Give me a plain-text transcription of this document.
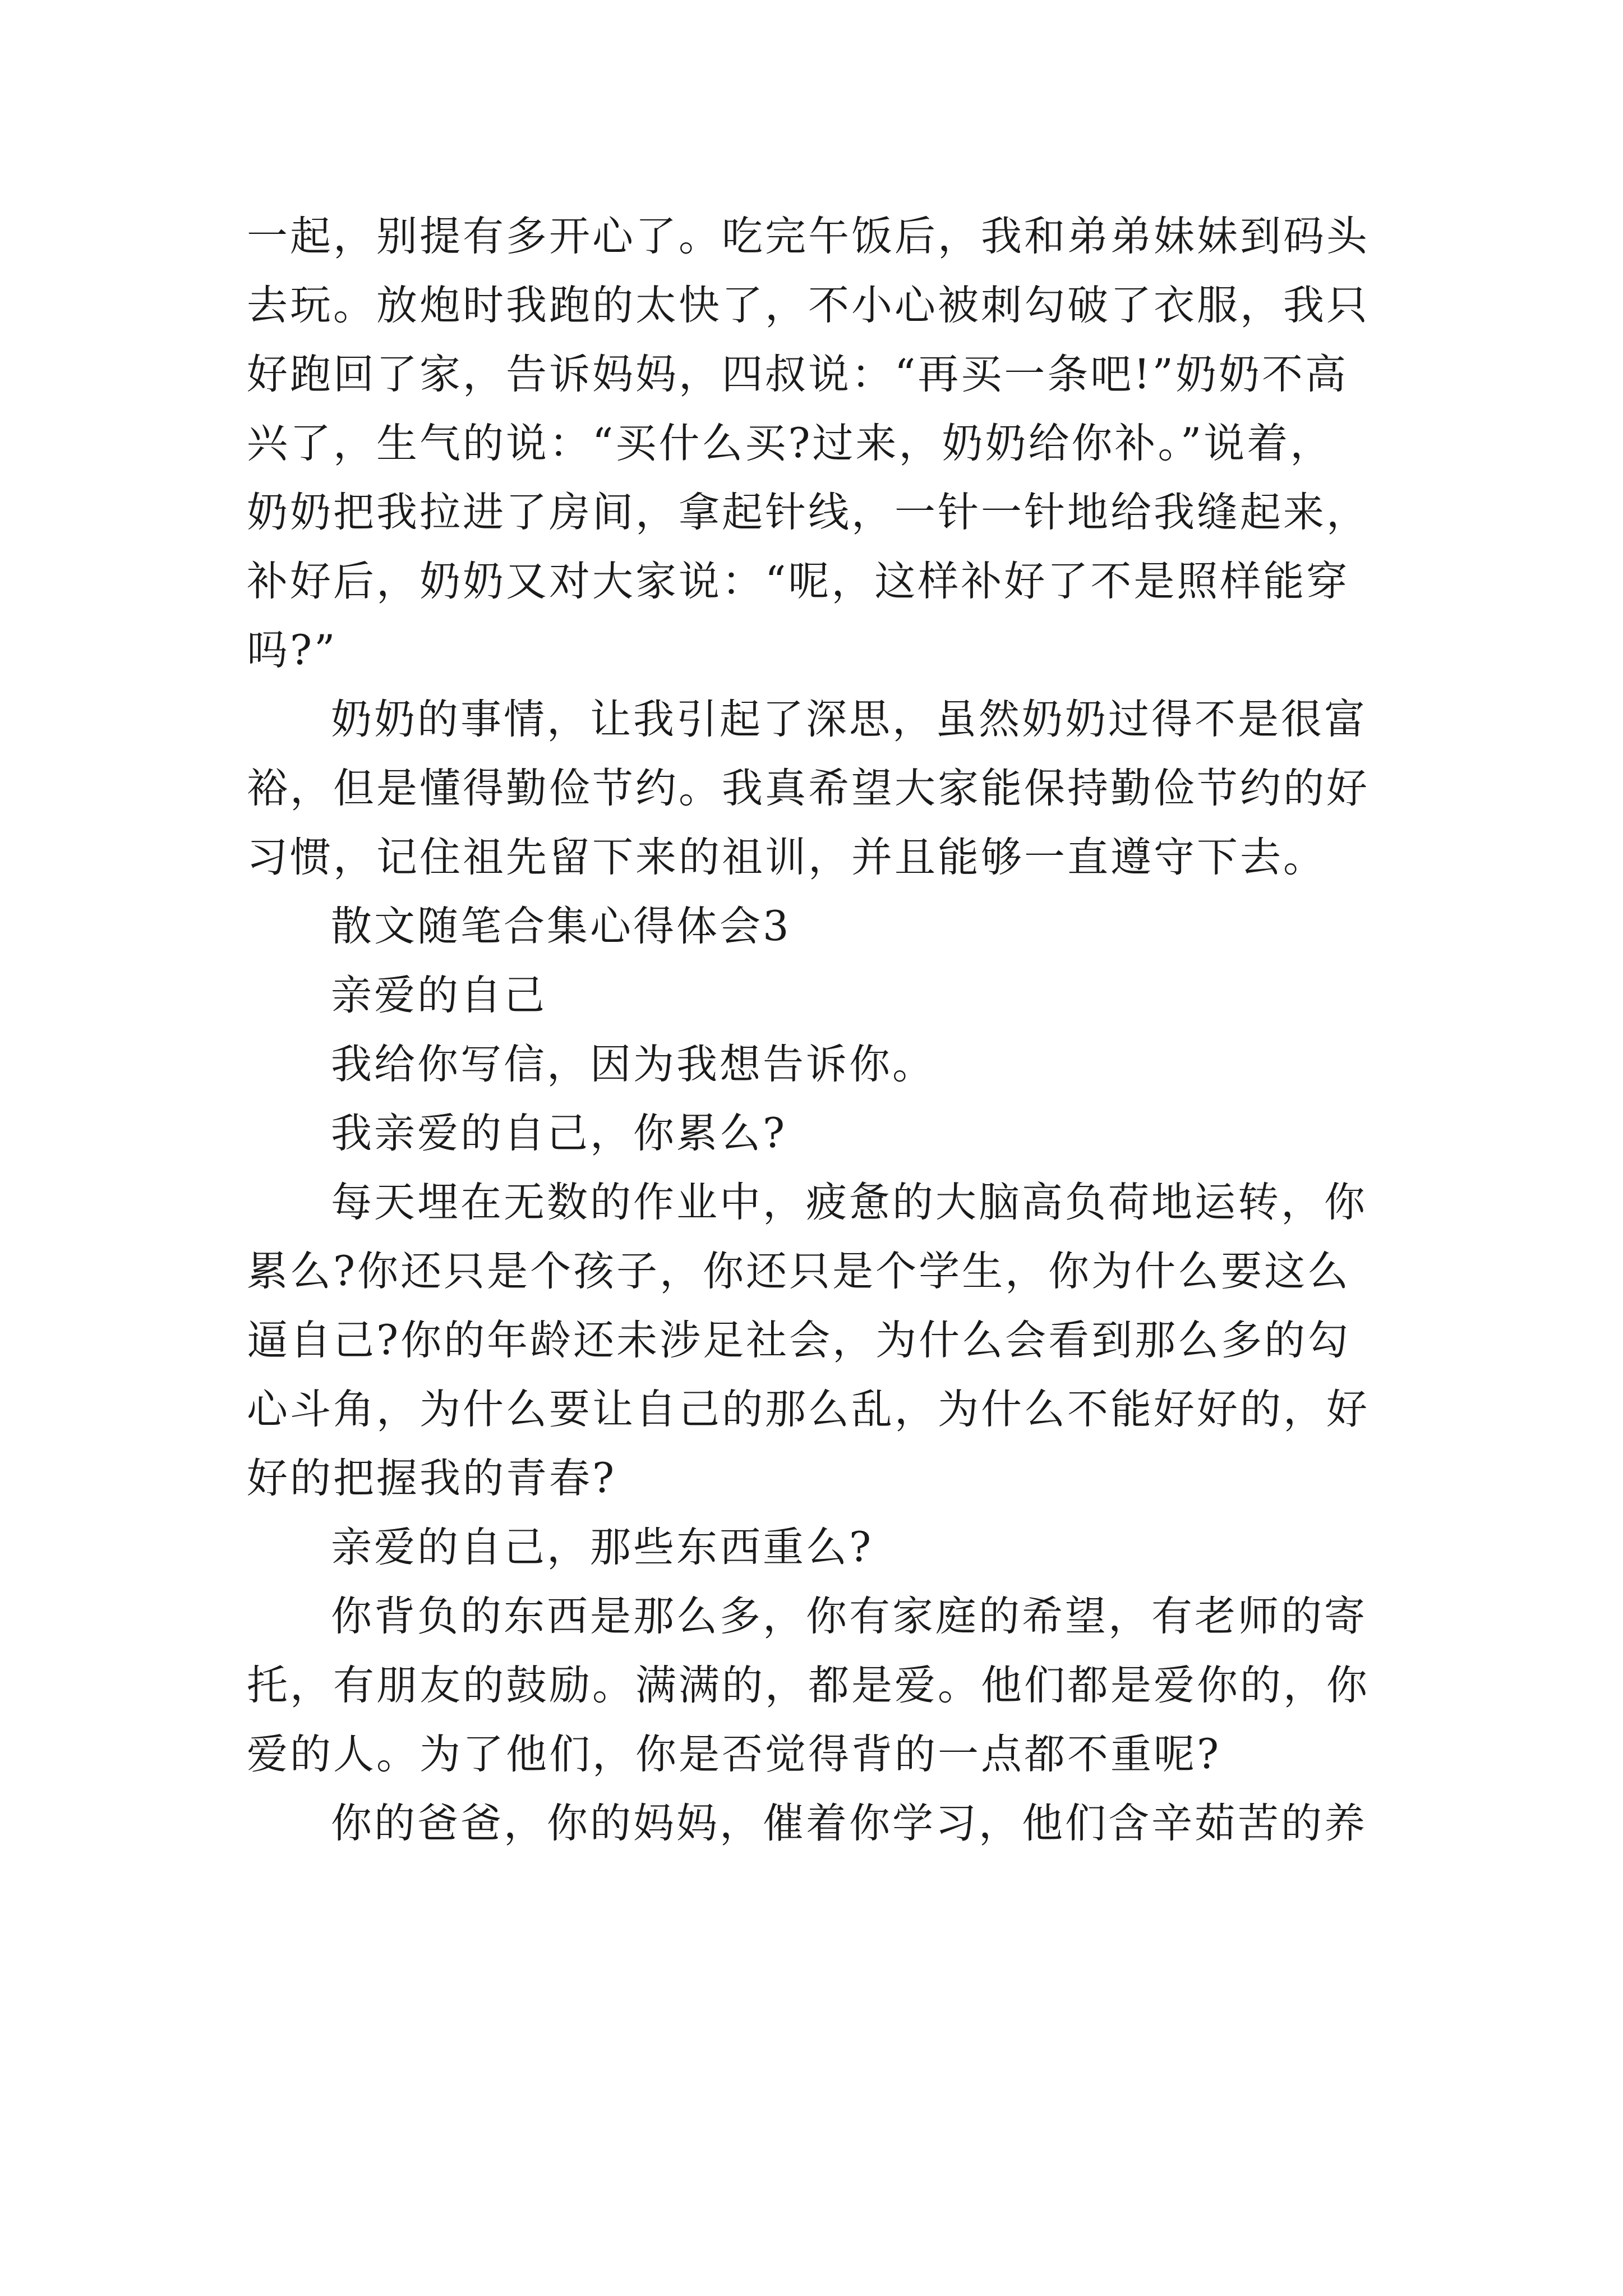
一起，别提有多开心了。吃完午饭后，我和弟弟妹妹到码头
去玩。放炮时我跑的太快了，不小心被刺勾破了衣服，我只
好跑回了家，告诉妈妈，四叔说：“再买一条吧!”奶奶不高
兴了，生气的说：“买什么买?过来，奶奶给你补。”说着，
奶奶把我拉进了房间，拿起针线，一针一针地给我缝起来，
补好后，奶奶又对大家说：“呢，这样补好了不是照样能穿
吗?”
奶奶的事情，让我引起了深思，虽然奶奶过得不是很富
裕，但是懂得勤俭节约。我真希望大家能保持勤俭节约的好
习惯，记住祖先留下来的祖训，并且能够一直遵守下去。
散文随笔合集心得体会3
亲爱的自己
我给你写信，因为我想告诉你。
我亲爱的自己，你累么?
每天埋在无数的作业中，疲惫的大脑高负荷地运转，你
累么?你还只是个孩子，你还只是个学生，你为什么要这么
逼自己?你的年龄还未涉足社会，为什么会看到那么多的勾
心斗角，为什么要让自己的那么乱，为什么不能好好的，好
好的把握我的青春?
亲爱的自己，那些东西重么?
你背负的东西是那么多，你有家庭的希望，有老师的寄
托，有朋友的鼓励。满满的，都是爱。他们都是爱你的，你
爱的人。为了他们，你是否觉得背的一点都不重呢?
你的爸爸，你的妈妈，催着你学习，他们含辛茹苦的养
